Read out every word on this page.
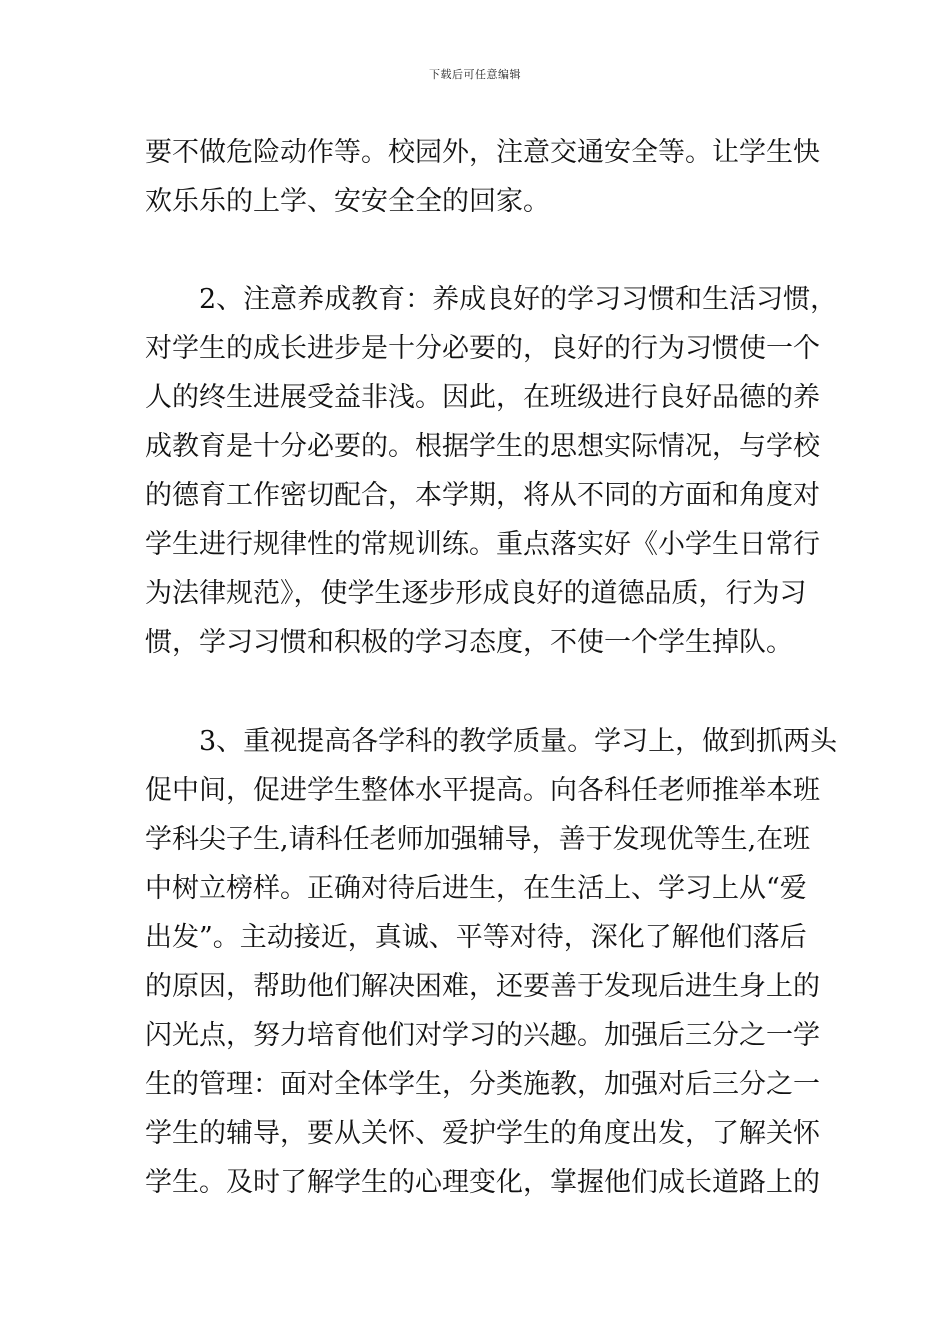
下载后可任意编辑
要不做危险动作等。校园外，注意交通安全等。让学生快
欢乐乐的上学、安安全全的回家。
2、注意养成教育：养成良好的学习习惯和生活习惯，
对学生的成长进步是十分必要的，良好的行为习惯使一个
人的终生进展受益非浅。因此，在班级进行良好品德的养
成教育是十分必要的。根据学生的思想实际情况，与学校
的德育工作密切配合，本学期，将从不同的方面和角度对
学生进行规律性的常规训练。重点落实好《小学生日常行
为法律规范》，使学生逐步形成良好的道德品质，行为习
惯，学习习惯和积极的学习态度，不使一个学生掉队。
3、重视提高各学科的教学质量。学习上，做到抓两头
促中间，促进学生整体水平提高。向各科任老师推举本班
学科尖子生,请科任老师加强辅导，善于发现优等生,在班
中树立榜样。正确对待后进生，在生活上、学习上从“爱
出发”。主动接近，真诚、平等对待，深化了解他们落后
的原因，帮助他们解决困难，还要善于发现后进生身上的
闪光点，努力培育他们对学习的兴趣。加强后三分之一学
生的管理：面对全体学生，分类施教，加强对后三分之一
学生的辅导，要从关怀、爱护学生的角度出发，了解关怀
学生。及时了解学生的心理变化，掌握他们成长道路上的
